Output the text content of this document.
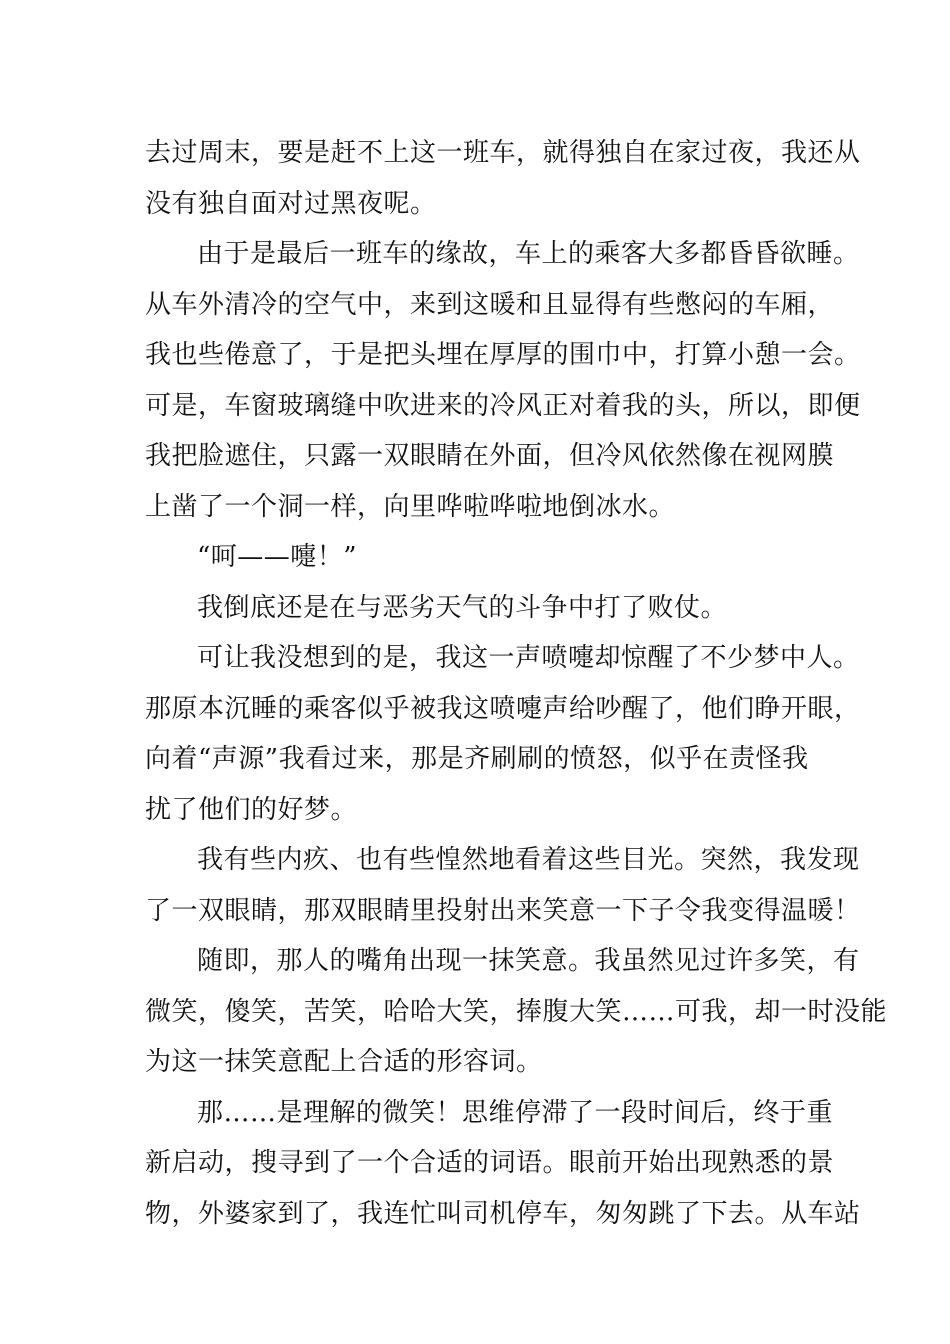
去过周末，要是赶不上这一班车，就得独自在家过夜，我还从
没有独自面对过黑夜呢。
由于是最后一班车的缘故，车上的乘客大多都昏昏欲睡。
从车外清冷的空气中，来到这暖和且显得有些憋闷的车厢，
我也些倦意了，于是把头埋在厚厚的围巾中，打算小憩一会。
可是，车窗玻璃缝中吹进来的冷风正对着我的头，所以，即便
我把脸遮住，只露一双眼睛在外面，但冷风依然像在视网膜
上凿了一个洞一样，向里哗啦哗啦地倒冰水。
“呵——嚏！”
我倒底还是在与恶劣天气的斗争中打了败仗。
可让我没想到的是，我这一声喷嚏却惊醒了不少梦中人。
那原本沉睡的乘客似乎被我这喷嚏声给吵醒了，他们睁开眼，
向着“声源”我看过来，那是齐刷刷的愤怒，似乎在责怪我
扰了他们的好梦。
我有些内疚、也有些惶然地看着这些目光。突然，我发现
了一双眼睛，那双眼睛里投射出来笑意一下子令我变得温暖！
随即，那人的嘴角出现一抹笑意。我虽然见过许多笑，有
微笑，傻笑，苦笑，哈哈大笑，捧腹大笑……可我，却一时没能
为这一抹笑意配上合适的形容词。
那……是理解的微笑！思维停滞了一段时间后，终于重
新启动，搜寻到了一个合适的词语。眼前开始出现熟悉的景
物，外婆家到了，我连忙叫司机停车，匆匆跳了下去。从车站
